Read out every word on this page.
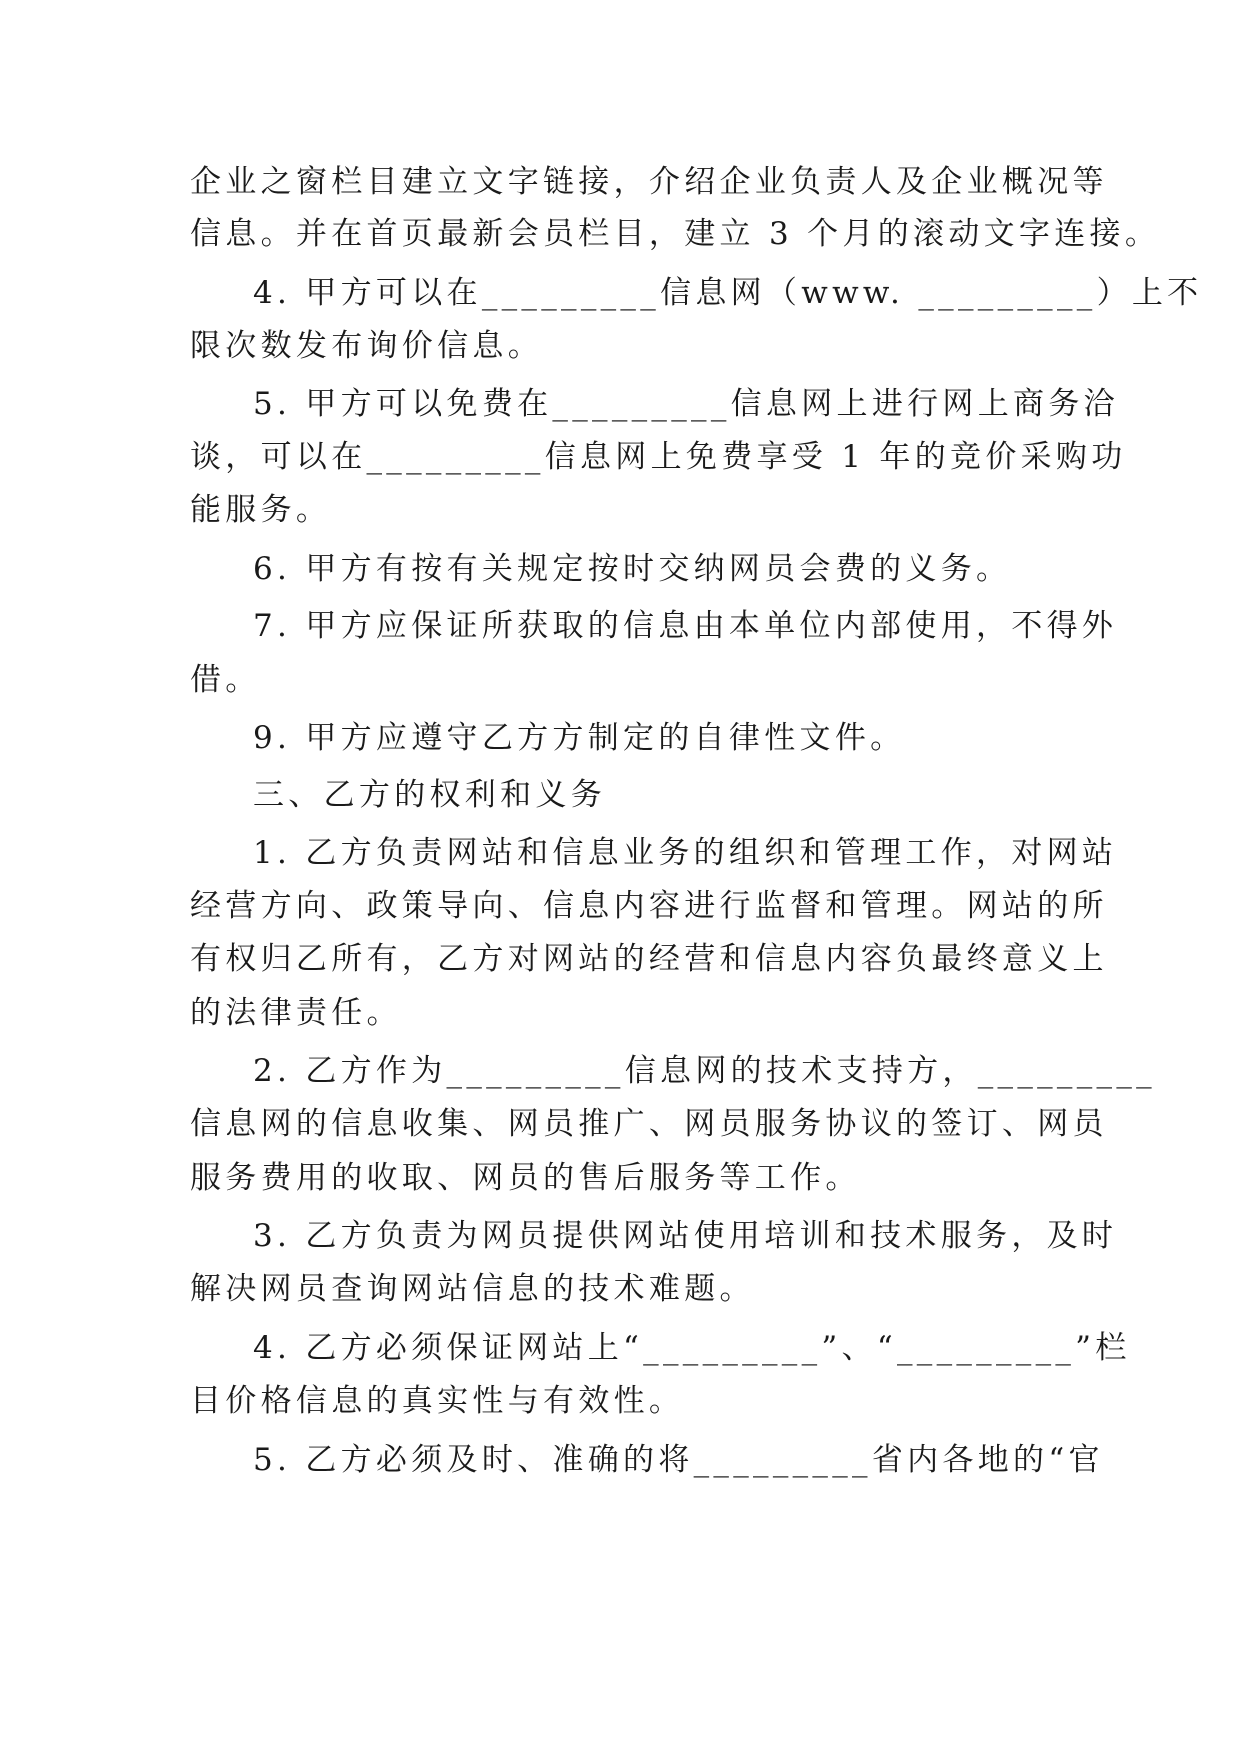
企业之窗栏目建立文字链接，介绍企业负责人及企业概况等
信息。并在首页最新会员栏目，建立 3 个月的滚动文字连接。
4. 甲方可以在_________信息网（www. _________）上不
限次数发布询价信息。
5. 甲方可以免费在_________信息网上进行网上商务洽
谈，可以在_________信息网上免费享受 1 年的竞价采购功
能服务。
6. 甲方有按有关规定按时交纳网员会费的义务。
7. 甲方应保证所获取的信息由本单位内部使用，不得外
借。
9. 甲方应遵守乙方方制定的自律性文件。
三、乙方的权利和义务
1. 乙方负责网站和信息业务的组织和管理工作，对网站
经营方向、政策导向、信息内容进行监督和管理。网站的所
有权归乙所有，乙方对网站的经营和信息内容负最终意义上
的法律责任。
2. 乙方作为_________信息网的技术支持方，_________
信息网的信息收集、网员推广、网员服务协议的签订、网员
服务费用的收取、网员的售后服务等工作。
3. 乙方负责为网员提供网站使用培训和技术服务，及时
解决网员查询网站信息的技术难题。
4. 乙方必须保证网站上“_________”、“_________”栏
目价格信息的真实性与有效性。
5. 乙方必须及时、准确的将_________省内各地的“官
